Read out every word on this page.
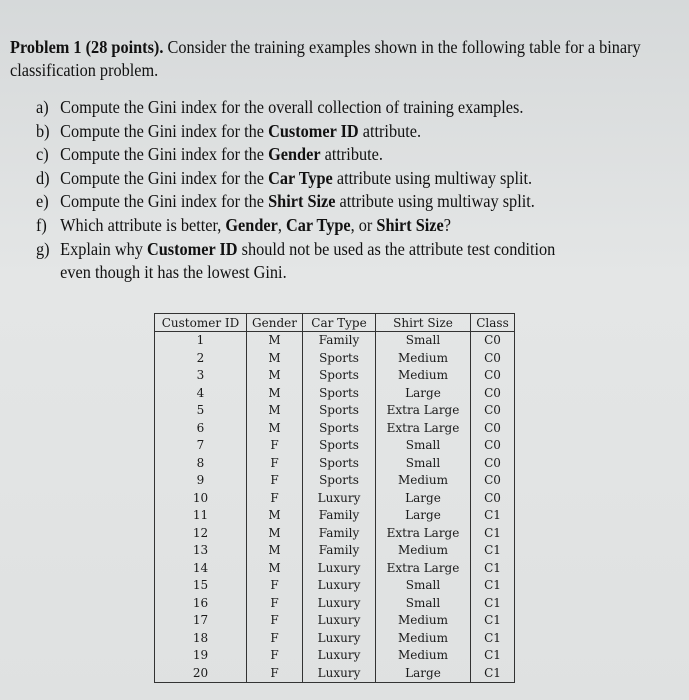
Problem 1 (28 points). Consider the training examples shown in the following table for a binary classification problem.
a) Compute the Gini index for the overall collection of training examples.
b) Compute the Gini index for the Customer ID attribute.
c) Compute the Gini index for the Gender attribute.
d) Compute the Gini index for the Car Type attribute using multiway split.
e) Compute the Gini index for the Shirt Size attribute using multiway split.
f) Which attribute is better, Gender, Car Type, or Shirt Size?
g) Explain why Customer ID should not be used as the attribute test condition
even though it has the lowest Gini.
Customer ID	Gender	Car Type	Shirt Size	Class
1	M	Family	Small	C0
2	M	Sports	Medium	C0
3	M	Sports	Medium	C0
4	M	Sports	Large	C0
5	M	Sports	Extra Large	C0
6	M	Sports	Extra Large	C0
7	F	Sports	Small	C0
8	F	Sports	Small	C0
9	F	Sports	Medium	C0
10	F	Luxury	Large	C0
11	M	Family	Large	C1
12	M	Family	Extra Large	C1
13	M	Family	Medium	C1
14	M	Luxury	Extra Large	C1
15	F	Luxury	Small	C1
16	F	Luxury	Small	C1
17	F	Luxury	Medium	C1
18	F	Luxury	Medium	C1
19	F	Luxury	Medium	C1
20	F	Luxury	Large	C1
